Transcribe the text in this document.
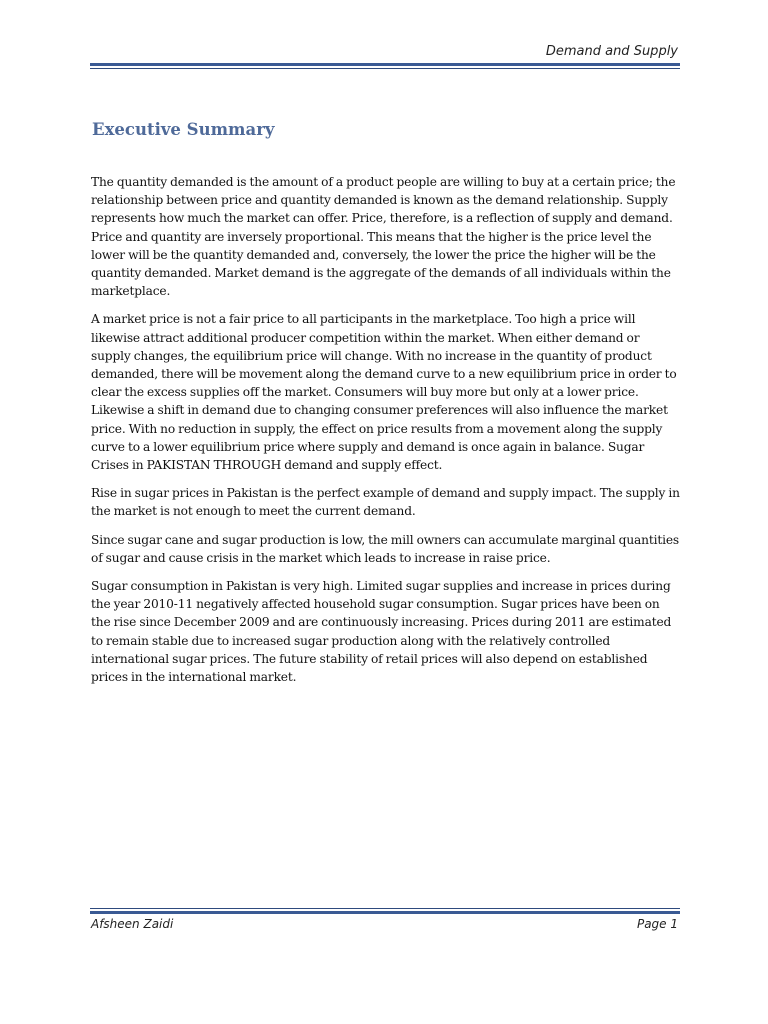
Demand and Supply
Executive Summary

The quantity demanded is the amount of a product people are willing to buy at a certain price; the relationship between price and quantity demanded is known as the demand relationship. Supply represents how much the market can offer. Price, therefore, is a reflection of supply and demand. Price and quantity are inversely proportional. This means that the higher is the price level the lower will be the quantity demanded and, conversely, the lower the price the higher will be the quantity demanded. Market demand is the aggregate of the demands of all individuals within the marketplace.

A market price is not a fair price to all participants in the marketplace. Too high a price will likewise attract additional producer competition within the market. When either demand or supply changes, the equilibrium price will change. With no increase in the quantity of product demanded, there will be movement along the demand curve to a new equilibrium price in order to clear the excess supplies off the market. Consumers will buy more but only at a lower price. Likewise a shift in demand due to changing consumer preferences will also influence the market price. With no reduction in supply, the effect on price results from a movement along the supply curve to a lower equilibrium price where supply and demand is once again in balance. Sugar Crises in PAKISTAN THROUGH demand and supply effect.

Rise in sugar prices in Pakistan is the perfect example of demand and supply impact. The supply in the market is not enough to meet the current demand.

Since sugar cane and sugar production is low, the mill owners can accumulate marginal quantities of sugar and cause crisis in the market which leads to increase in raise price.

Sugar consumption in Pakistan is very high. Limited sugar supplies and increase in prices during the year 2010-11 negatively affected household sugar consumption. Sugar prices have been on the rise since December 2009 and are continuously increasing. Prices during 2011 are estimated to remain stable due to increased sugar production along with the relatively controlled international sugar prices. The future stability of retail prices will also depend on established prices in the international market.

Afsheen Zaidi	Page 1
